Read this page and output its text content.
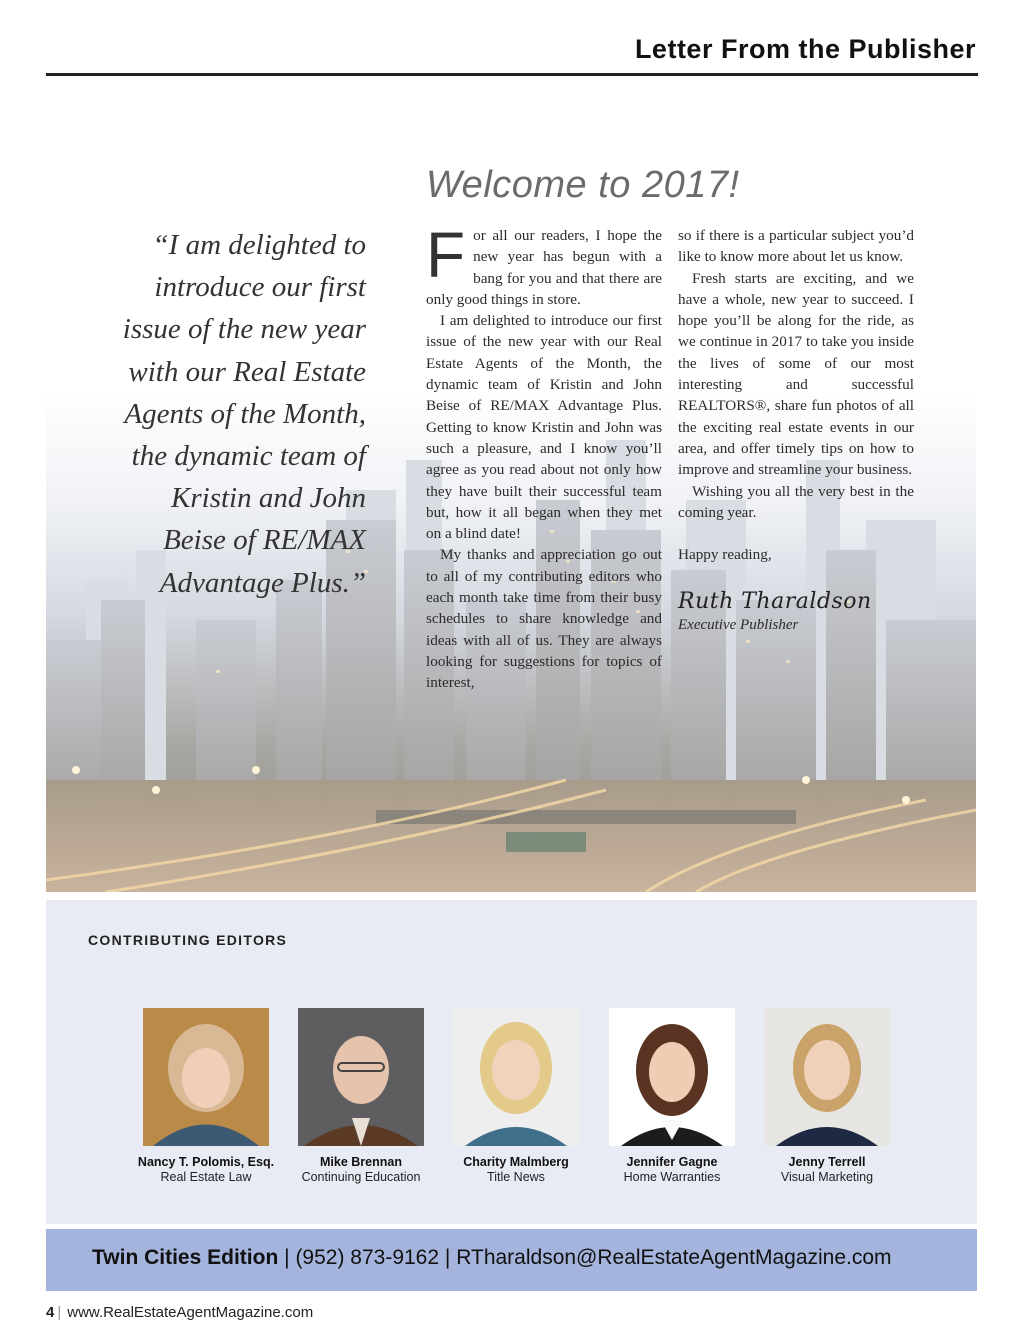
Letter From the Publisher
Welcome to 2017!
“I am delighted to introduce our first issue of the new year with our Real Estate Agents of the Month, the dynamic team of Kristin and John Beise of RE/MAX Advantage Plus.”

For all our readers, I hope the new year has begun with a bang for you and that there are only good things in store.

I am delighted to introduce our first issue of the new year with our Real Estate Agents of the Month, the dynamic team of Kristin and John Beise of RE/MAX Advantage Plus. Getting to know Kristin and John was such a pleasure, and I know you’ll agree as you read about not only how they have built their successful team but, how it all began when they met on a blind date!

My thanks and appreciation go out to all of my contributing editors who each month take time from their busy schedules to share knowledge and ideas with all of us. They are always looking for suggestions for topics of interest,

so if there is a particular subject you’d like to know more about let us know.

Fresh starts are exciting, and we have a whole, new year to succeed. I hope you’ll be along for the ride, as we continue in 2017 to take you inside the lives of some of our most interesting and successful REALTORS®, share fun photos of all the exciting real estate events in our area, and offer timely tips on how to improve and streamline your business.

Wishing you all the very best in the coming year.

Happy reading,

Ruth Tharaldson
Executive Publisher
CONTRIBUTING EDITORS
Nancy T. Polomis, Esq.
Real Estate Law
Mike Brennan
Continuing Education
Charity Malmberg
Title News
Jennifer Gagne
Home Warranties
Jenny Terrell
Visual Marketing
Twin Cities Edition | (952) 873-9162 | RTharaldson@RealEstateAgentMagazine.com
4 | www.RealEstateAgentMagazine.com
